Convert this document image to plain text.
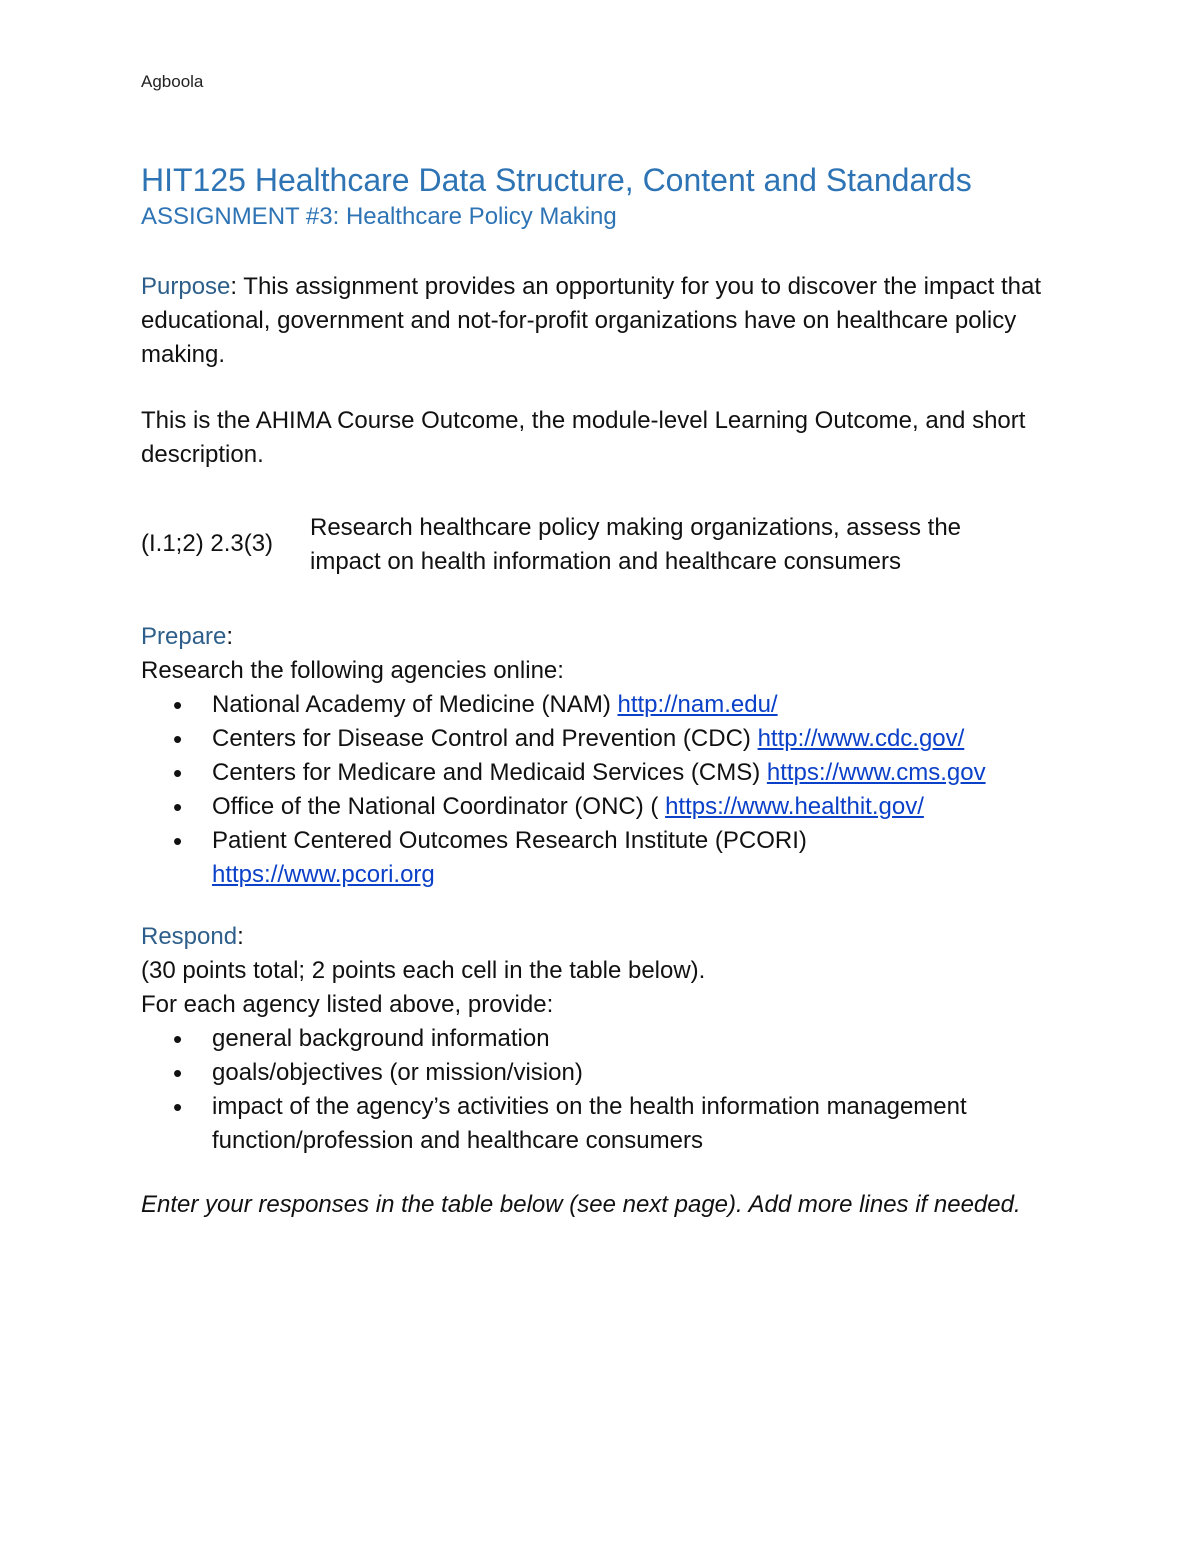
Agboola
HIT125 Healthcare Data Structure, Content and Standards
ASSIGNMENT #3: Healthcare Policy Making
Purpose: This assignment provides an opportunity for you to discover the impact that educational, government and not-for-profit organizations have on healthcare policy making.
This is the AHIMA Course Outcome, the module-level Learning Outcome, and short description.
(I.1;2) 2.3(3)
Research healthcare policy making organizations, assess the impact on health information and healthcare consumers
Prepare:
Research the following agencies online:
• National Academy of Medicine (NAM) http://nam.edu/
• Centers for Disease Control and Prevention (CDC) http://www.cdc.gov/
• Centers for Medicare and Medicaid Services (CMS) https://www.cms.gov
• Office of the National Coordinator (ONC) ( https://www.healthit.gov/
• Patient Centered Outcomes Research Institute (PCORI) https://www.pcori.org
Respond:
(30 points total; 2 points each cell in the table below).
For each agency listed above, provide:
• general background information
• goals/objectives (or mission/vision)
• impact of the agency’s activities on the health information management function/profession and healthcare consumers
Enter your responses in the table below (see next page). Add more lines if needed.
